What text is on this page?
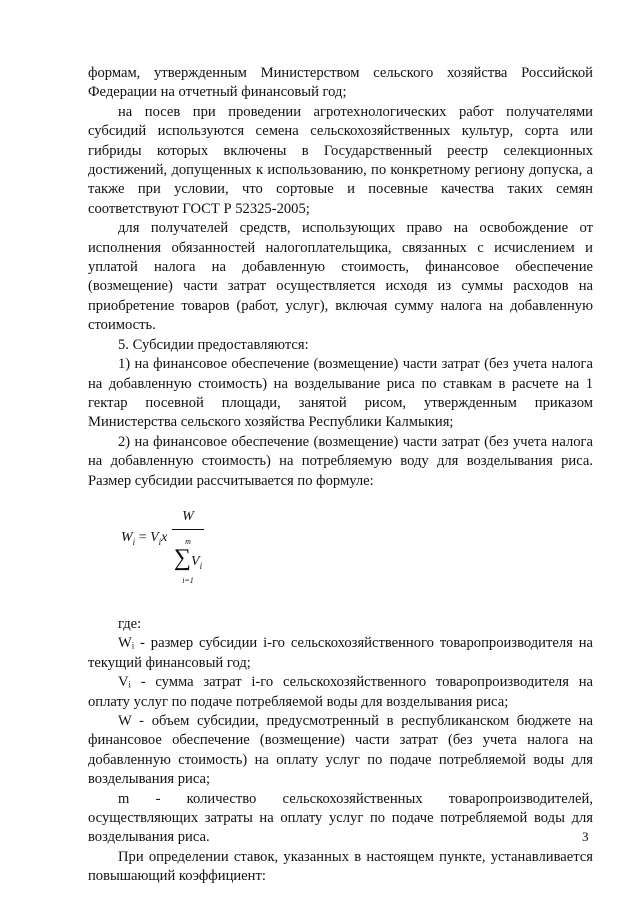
формам, утвержденным Министерством сельского хозяйства Российской Федерации на отчетный финансовый год;

на посев при проведении агротехнологических работ получателями субсидий используются семена сельскохозяйственных культур, сорта или гибриды которых включены в Государственный реестр селекционных достижений, допущенных к использованию, по конкретному региону допуска, а также при условии, что сортовые и посевные качества таких семян соответствуют ГОСТ Р 52325-2005;

для получателей средств, использующих право на освобождение от исполнения обязанностей налогоплательщика, связанных с исчислением и уплатой налога на добавленную стоимость, финансовое обеспечение (возмещение) части затрат осуществляется исходя из суммы расходов на приобретение товаров (работ, услуг), включая сумму налога на добавленную стоимость.

5. Субсидии предоставляются:

1) на финансовое обеспечение (возмещение) части затрат (без учета налога на добавленную стоимость) на возделывание риса по ставкам в расчете на 1 гектар посевной площади, занятой рисом, утвержденным приказом Министерства сельского хозяйства Республики Калмыкия;

2) на финансовое обеспечение (возмещение) части затрат (без учета налога на добавленную стоимость) на потребляемую воду для возделывания риса. Размер субсидии рассчитывается по формуле:

$W_i = V_ix$
W
m
$\sum V_i$
i=1

где:

Wᵢ - размер субсидии i-го сельскохозяйственного товаропроизводителя на текущий финансовый год;

Vᵢ - сумма затрат i-го сельскохозяйственного товаропроизводителя на оплату услуг по подаче потребляемой воды для возделывания риса;

W - объем субсидии, предусмотренный в республиканском бюджете на финансовое обеспечение (возмещение) части затрат (без учета налога на добавленную стоимость) на оплату услуг по подаче потребляемой воды для возделывания риса;

m - количество сельскохозяйственных товаропроизводителей, осуществляющих затраты на оплату услуг по подаче потребляемой воды для возделывания риса.

При определении ставок, указанных в настоящем пункте, устанавливается повышающий коэффициент:

3
